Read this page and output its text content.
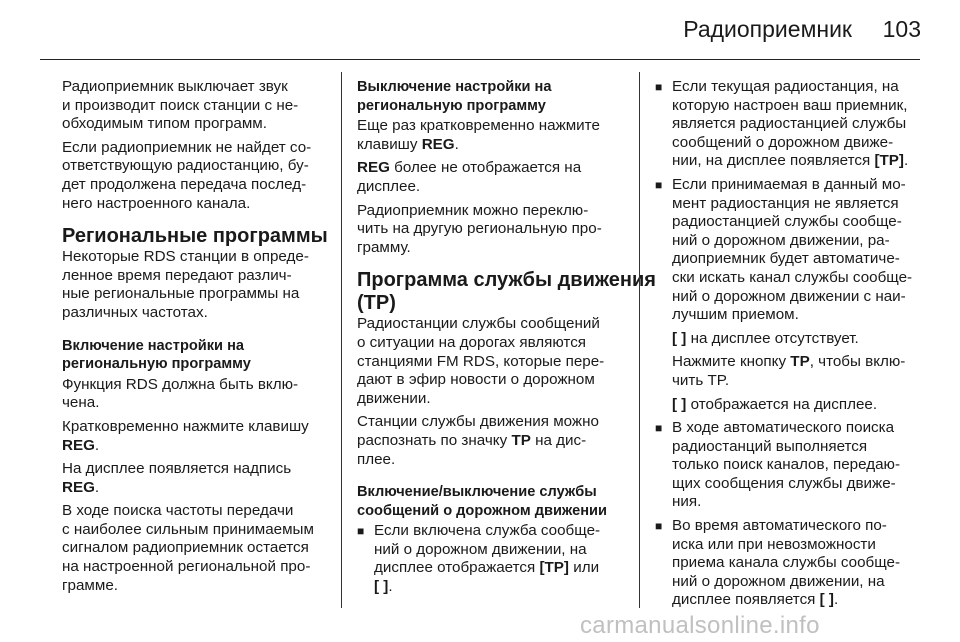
Радиоприемник 103
Радиоприемник выключает звук
и производит поиск станции с не-
обходимым типом программ.
Если радиоприемник не найдет со-
ответствующую радиостанцию, бу-
дет продолжена передача послед-
него настроенного канала.
Региональные программы
Некоторые RDS станции в опреде-
ленное время передают различ-
ные региональные программы на
различных частотах.
Включение настройки на
региональную программу
Функция RDS должна быть вклю-
чена.
Кратковременно нажмите клавишу
REG.
На дисплее появляется надпись
REG.
В ходе поиска частоты передачи
с наиболее сильным принимаемым
сигналом радиоприемник остается
на настроенной региональной про-
грамме.
Выключение настройки на
региональную программу
Еще раз кратковременно нажмите
клавишу REG.
REG более не отображается на
дисплее.
Радиоприемник можно переклю-
чить на другую региональную про-
грамму.
Программа службы движения
(TP)
Радиостанции службы сообщений
о ситуации на дорогах являются
станциями FM RDS, которые пере-
дают в эфир новости о дорожном
движении.
Станции службы движения можно
распознать по значку TP на дис-
плее.
Включение/выключение службы
сообщений о дорожном движении
■ Если включена служба сообще-
ний о дорожном движении, на
дисплее отображается [TP] или
[ ].
■ Если текущая радиостанция, на
которую настроен ваш приемник,
является радиостанцией службы
сообщений о дорожном движе-
нии, на дисплее появляется [TP].
■ Если принимаемая в данный мо-
мент радиостанция не является
радиостанцией службы сообще-
ний о дорожном движении, ра-
диоприемник будет автоматиче-
ски искать канал службы сообще-
ний о дорожном движении с наи-
лучшим приемом.
[ ] на дисплее отсутствует.
Нажмите кнопку TP, чтобы вклю-
чить TP.
[ ] отображается на дисплее.
■ В ходе автоматического поиска
радиостанций выполняется
только поиск каналов, передаю-
щих сообщения службы движе-
ния.
■ Во время автоматического по-
иска или при невозможности
приема канала службы сообще-
ний о дорожном движении, на
дисплее появляется [ ].
carmanualsonline.info
